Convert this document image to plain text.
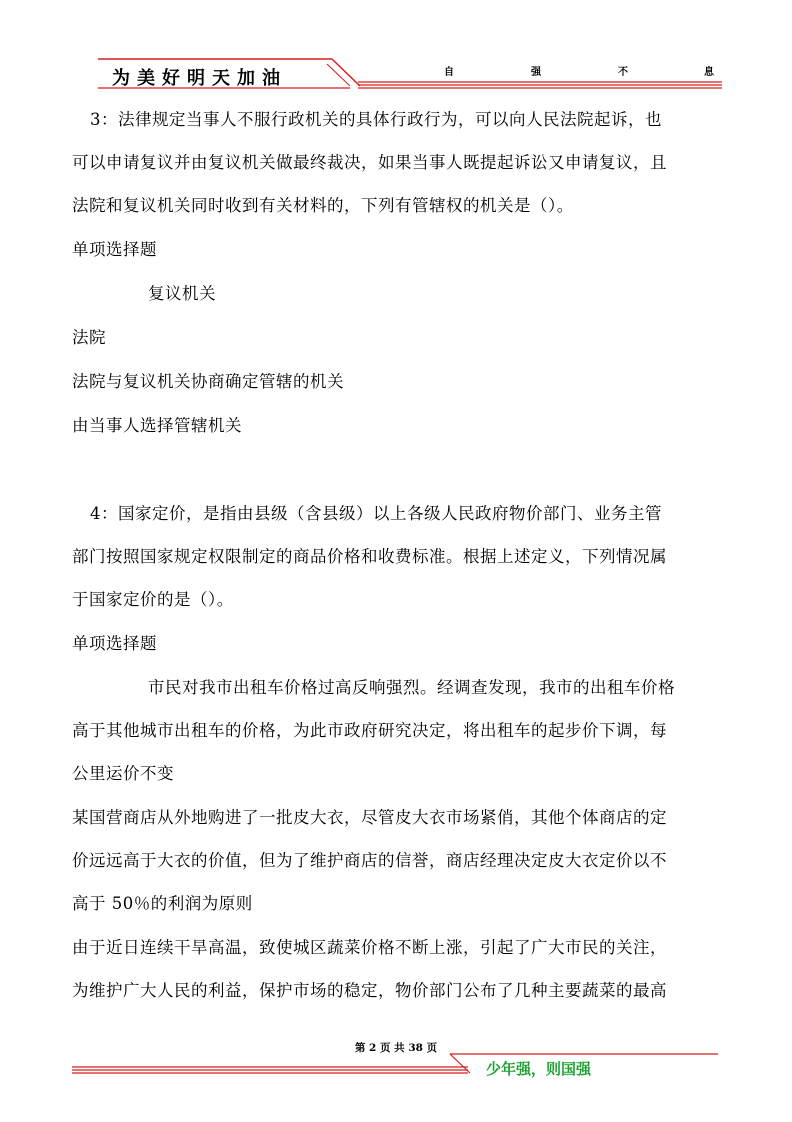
为美好明天加油	自	强	不	息
3：法律规定当事人不服行政机关的具体行政行为，可以向人民法院起诉，也
可以申请复议并由复议机关做最终裁决，如果当事人既提起诉讼又申请复议，且
法院和复议机关同时收到有关材料的，下列有管辖权的机关是（）。
单项选择题
复议机关
法院
法院与复议机关协商确定管辖的机关
由当事人选择管辖机关
4：国家定价，是指由县级（含县级）以上各级人民政府物价部门、业务主管
部门按照国家规定权限制定的商品价格和收费标准。根据上述定义，下列情况属
于国家定价的是（）。
单项选择题
市民对我市出租车价格过高反响强烈。经调查发现，我市的出租车价格
高于其他城市出租车的价格，为此市政府研究决定，将出租车的起步价下调，每
公里运价不变
某国营商店从外地购进了一批皮大衣，尽管皮大衣市场紧俏，其他个体商店的定
价远远高于大衣的价值，但为了维护商店的信誉，商店经理决定皮大衣定价以不
高于 50％的利润为原则
由于近日连续干旱高温，致使城区蔬菜价格不断上涨，引起了广大市民的关注，
为维护广大人民的利益，保护市场的稳定，物价部门公布了几种主要蔬菜的最高
第 2 页 共 38 页
少年强，则国强
